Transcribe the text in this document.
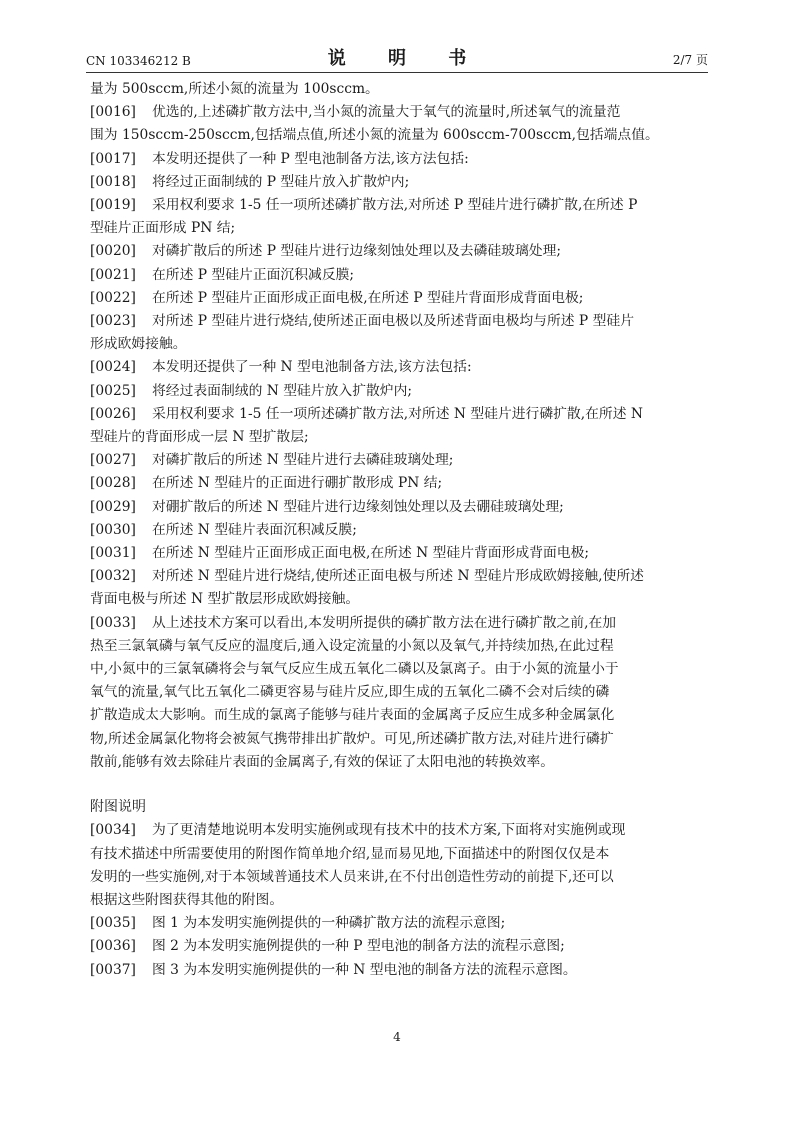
CN 103346212 B	说 明 书	2/7 页
量为 500sccm,所述小氮的流量为 100sccm。
[0016] 优选的,上述磷扩散方法中,当小氮的流量大于氧气的流量时,所述氧气的流量范
围为 150sccm-250sccm,包括端点值,所述小氮的流量为 600sccm-700sccm,包括端点值。
[0017] 本发明还提供了一种 P 型电池制备方法,该方法包括:
[0018] 将经过正面制绒的 P 型硅片放入扩散炉内;
[0019] 采用权利要求 1-5 任一项所述磷扩散方法,对所述 P 型硅片进行磷扩散,在所述 P
型硅片正面形成 PN 结;
[0020] 对磷扩散后的所述 P 型硅片进行边缘刻蚀处理以及去磷硅玻璃处理;
[0021] 在所述 P 型硅片正面沉积减反膜;
[0022] 在所述 P 型硅片正面形成正面电极,在所述 P 型硅片背面形成背面电极;
[0023] 对所述 P 型硅片进行烧结,使所述正面电极以及所述背面电极均与所述 P 型硅片
形成欧姆接触。
[0024] 本发明还提供了一种 N 型电池制备方法,该方法包括:
[0025] 将经过表面制绒的 N 型硅片放入扩散炉内;
[0026] 采用权利要求 1-5 任一项所述磷扩散方法,对所述 N 型硅片进行磷扩散,在所述 N
型硅片的背面形成一层 N 型扩散层;
[0027] 对磷扩散后的所述 N 型硅片进行去磷硅玻璃处理;
[0028] 在所述 N 型硅片的正面进行硼扩散形成 PN 结;
[0029] 对硼扩散后的所述 N 型硅片进行边缘刻蚀处理以及去硼硅玻璃处理;
[0030] 在所述 N 型硅片表面沉积减反膜;
[0031] 在所述 N 型硅片正面形成正面电极,在所述 N 型硅片背面形成背面电极;
[0032] 对所述 N 型硅片进行烧结,使所述正面电极与所述 N 型硅片形成欧姆接触,使所述
背面电极与所述 N 型扩散层形成欧姆接触。
[0033] 从上述技术方案可以看出,本发明所提供的磷扩散方法在进行磷扩散之前,在加
热至三氯氧磷与氧气反应的温度后,通入设定流量的小氮以及氧气,并持续加热,在此过程
中,小氮中的三氯氧磷将会与氧气反应生成五氧化二磷以及氯离子。由于小氮的流量小于
氧气的流量,氧气比五氧化二磷更容易与硅片反应,即生成的五氧化二磷不会对后续的磷
扩散造成太大影响。而生成的氯离子能够与硅片表面的金属离子反应生成多种金属氯化
物,所述金属氯化物将会被氮气携带排出扩散炉。可见,所述磷扩散方法,对硅片进行磷扩
散前,能够有效去除硅片表面的金属离子,有效的保证了太阳电池的转换效率。
附图说明
[0034] 为了更清楚地说明本发明实施例或现有技术中的技术方案,下面将对实施例或现
有技术描述中所需要使用的附图作简单地介绍,显而易见地,下面描述中的附图仅仅是本
发明的一些实施例,对于本领域普通技术人员来讲,在不付出创造性劳动的前提下,还可以
根据这些附图获得其他的附图。
[0035] 图 1 为本发明实施例提供的一种磷扩散方法的流程示意图;
[0036] 图 2 为本发明实施例提供的一种 P 型电池的制备方法的流程示意图;
[0037] 图 3 为本发明实施例提供的一种 N 型电池的制备方法的流程示意图。
4
